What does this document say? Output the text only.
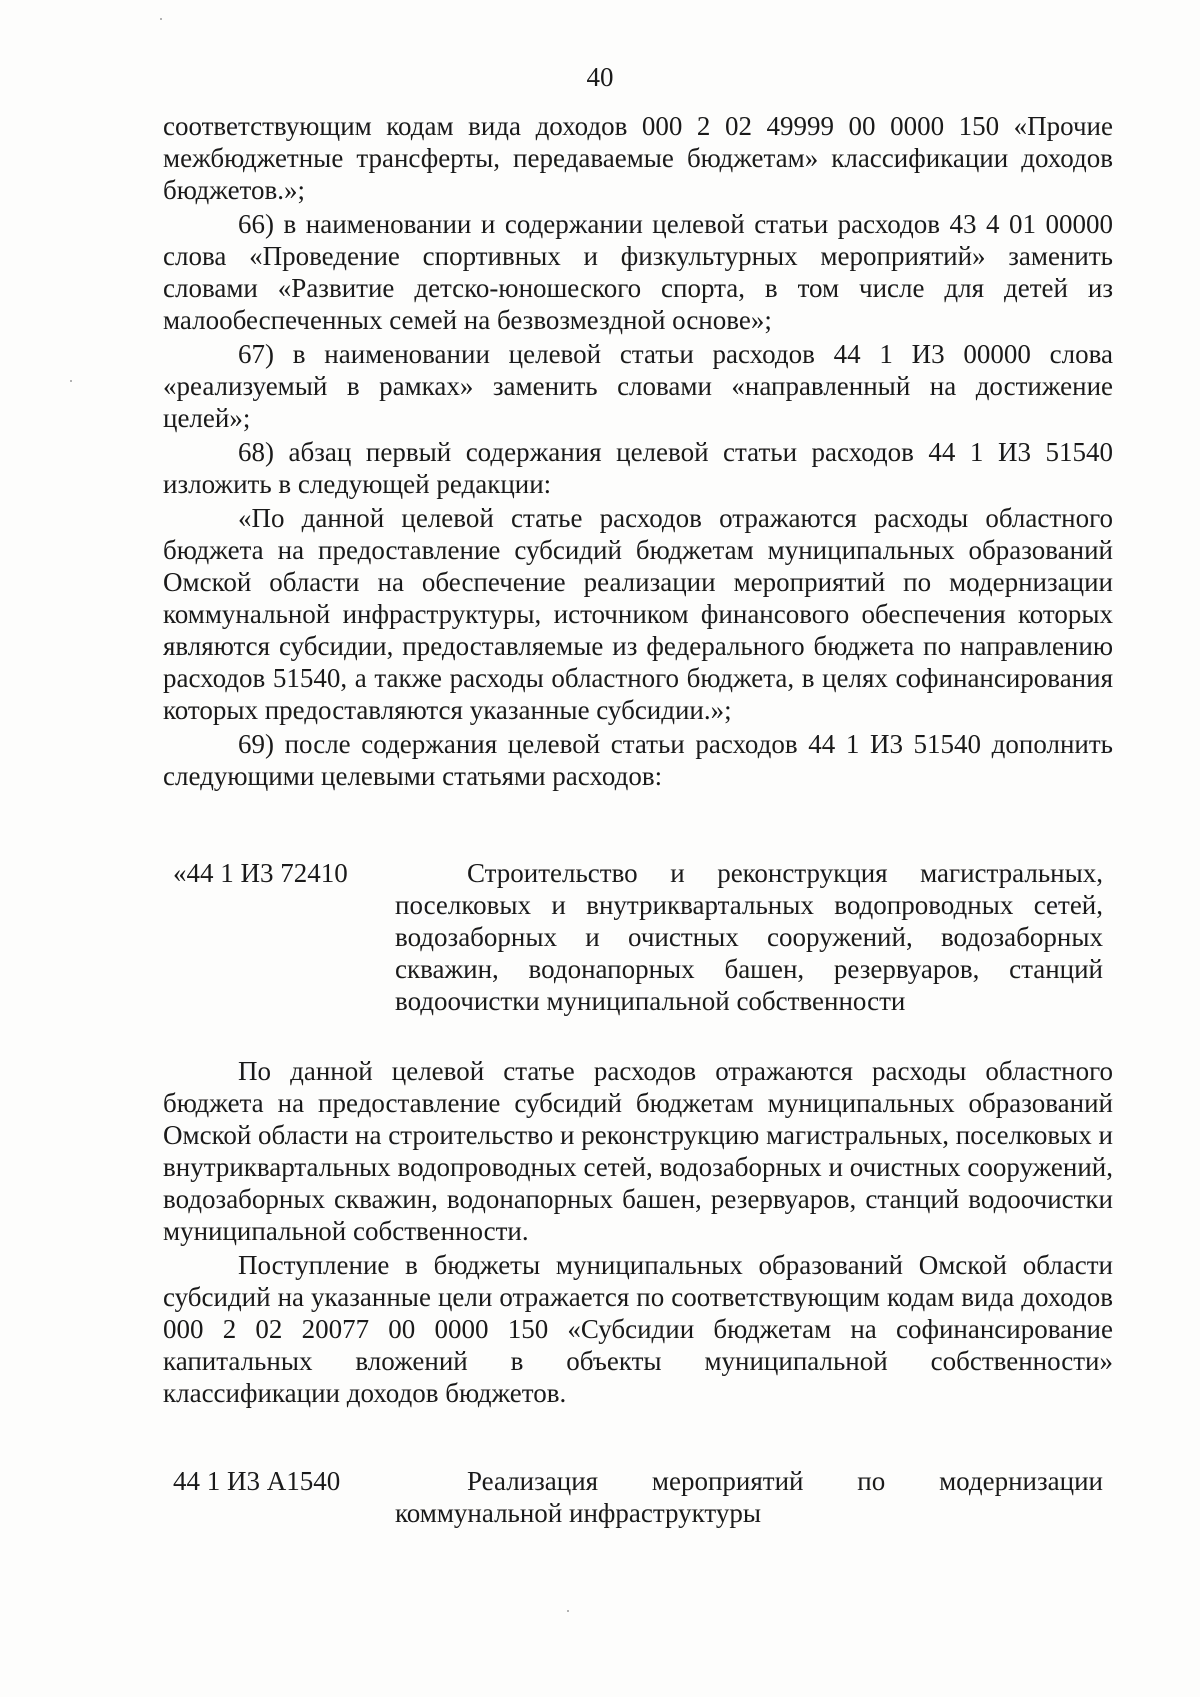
40

соответствующим кодам вида доходов 000 2 02 49999 00 0000 150 «Прочие межбюджетные трансферты, передаваемые бюджетам» классификации доходов бюджетов.»;

66) в наименовании и содержании целевой статьи расходов 43 4 01 00000 слова «Проведение спортивных и физкультурных мероприятий» заменить словами «Развитие детско-юношеского спорта, в том числе для детей из малообеспеченных семей на безвозмездной основе»;

67) в наименовании целевой статьи расходов 44 1 И3 00000 слова «реализуемый в рамках» заменить словами «направленный на достижение целей»;

68) абзац первый содержания целевой статьи расходов 44 1 И3 51540 изложить в следующей редакции:

«По данной целевой статье расходов отражаются расходы областного бюджета на предоставление субсидий бюджетам муниципальных образований Омской области на обеспечение реализации мероприятий по модернизации коммунальной инфраструктуры, источником финансового обеспечения которых являются субсидии, предоставляемые из федерального бюджета по направлению расходов 51540, а также расходы областного бюджета, в целях софинансирования которых предоставляются указанные субсидии.»;

69) после содержания целевой статьи расходов 44 1 И3 51540 дополнить следующими целевыми статьями расходов:

«44 1 И3 72410	Строительство и реконструкция магистральных, поселковых и внутриквартальных водопроводных сетей, водозаборных и очистных сооружений, водозаборных скважин, водонапорных башен, резервуаров, станций водоочистки муниципальной собственности

По данной целевой статье расходов отражаются расходы областного бюджета на предоставление субсидий бюджетам муниципальных образований Омской области на строительство и реконструкцию магистральных, поселковых и внутриквартальных водопроводных сетей, водозаборных и очистных сооружений, водозаборных скважин, водонапорных башен, резервуаров, станций водоочистки муниципальной собственности.

Поступление в бюджеты муниципальных образований Омской области субсидий на указанные цели отражается по соответствующим кодам вида доходов 000 2 02 20077 00 0000 150 «Субсидии бюджетам на софинансирование капитальных вложений в объекты муниципальной собственности» классификации доходов бюджетов.

44 1 И3 А1540	Реализация мероприятий по модернизации коммунальной инфраструктуры
